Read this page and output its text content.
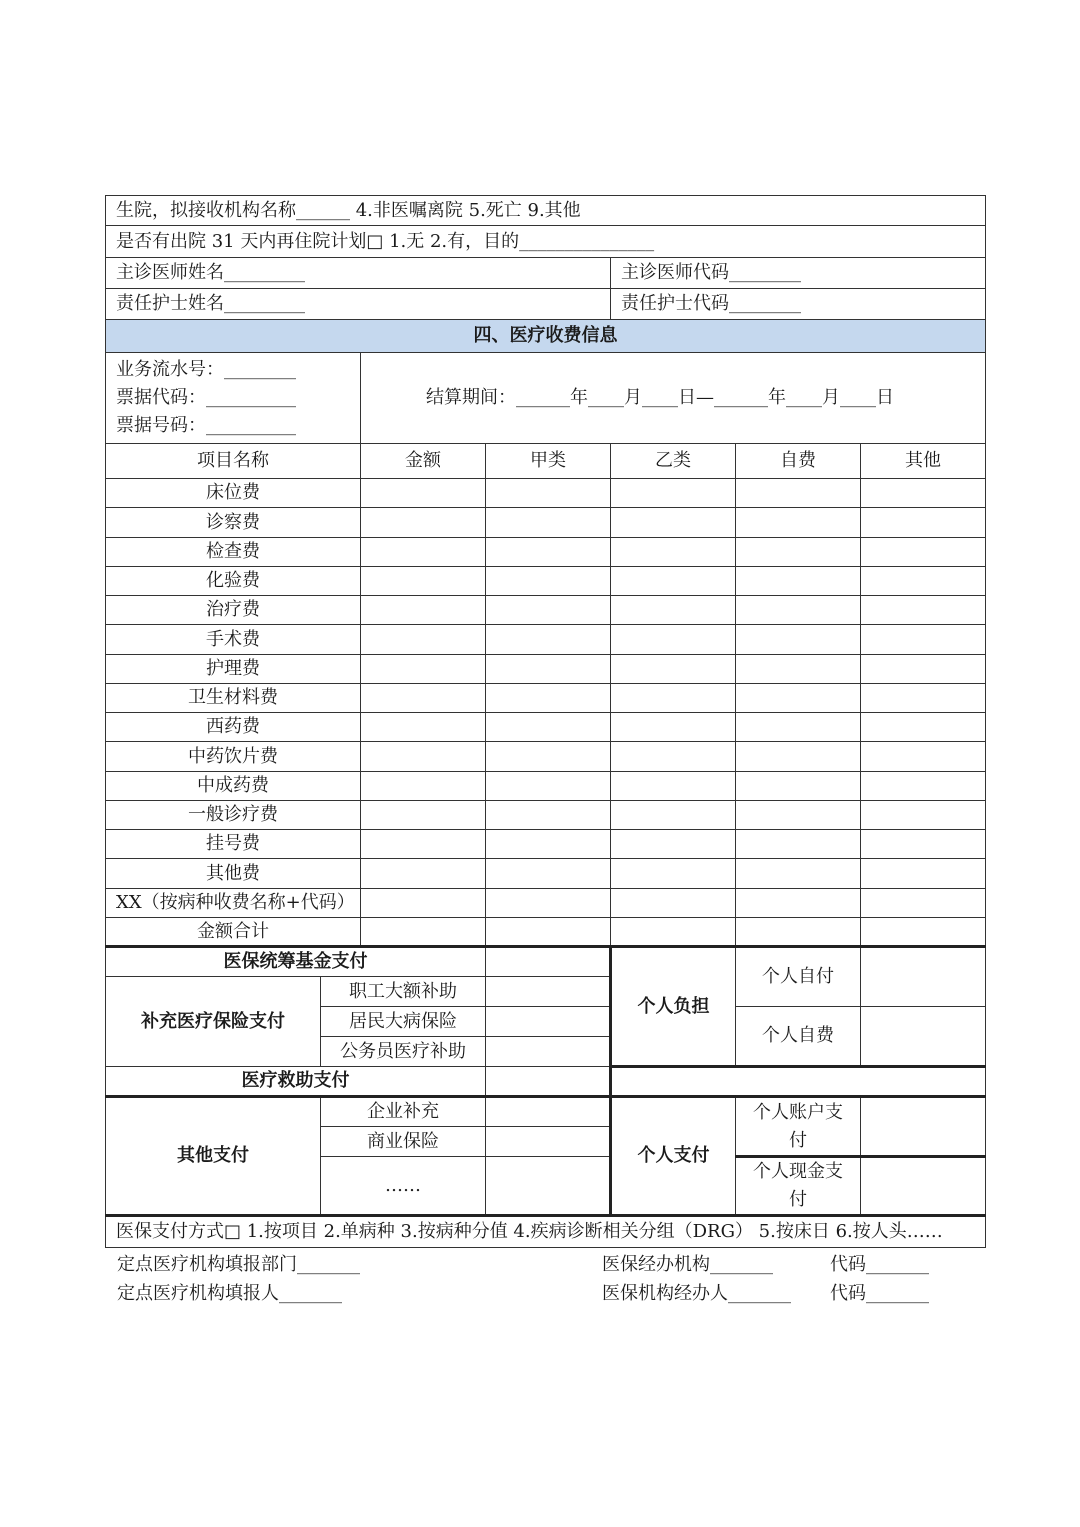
生院，拟接收机构名称______ 4.非医嘱离院 5.死亡 9.其他						
是否有出院 31 天内再住院计划□ 1.无 2.有，目的_______________						
主诊医师姓名_________				主诊医师代码________		
责任护士姓名_________				责任护士代码________		
四、医疗收费信息						

业务流水号：________
票据代码：__________
票据号码：__________		结算期间：______年____月____日—______年____月____日				
项目名称		金额	甲类	乙类	自费	其他
床位费						
诊察费						
检查费						
化验费						
治疗费						
手术费						
护理费						
卫生材料费						
西药费						
中药饮片费						
中成药费						
一般诊疗费						
挂号费						
其他费						
XX（按病种收费名称+代码）						
金额合计						
医保统筹基金支付				个人负担	个人自付	
补充医疗保险支付	职工大额补助					
	居民大病保险				个人自费	
	公务员医疗补助					
医疗救助支付						
其他支付	企业补充			个人支付	个人账户支付	
	商业保险					
	……				个人现金支付	
医保支付方式□ 1.按项目 2.单病种 3.按病种分值 4.疾病诊断相关分组（DRG） 5.按床日 6.按人头……						
定点医疗机构填报部门_______	医保经办机构_______	代码_______
定点医疗机构填报人_______	医保机构经办人_______ 代码_______
